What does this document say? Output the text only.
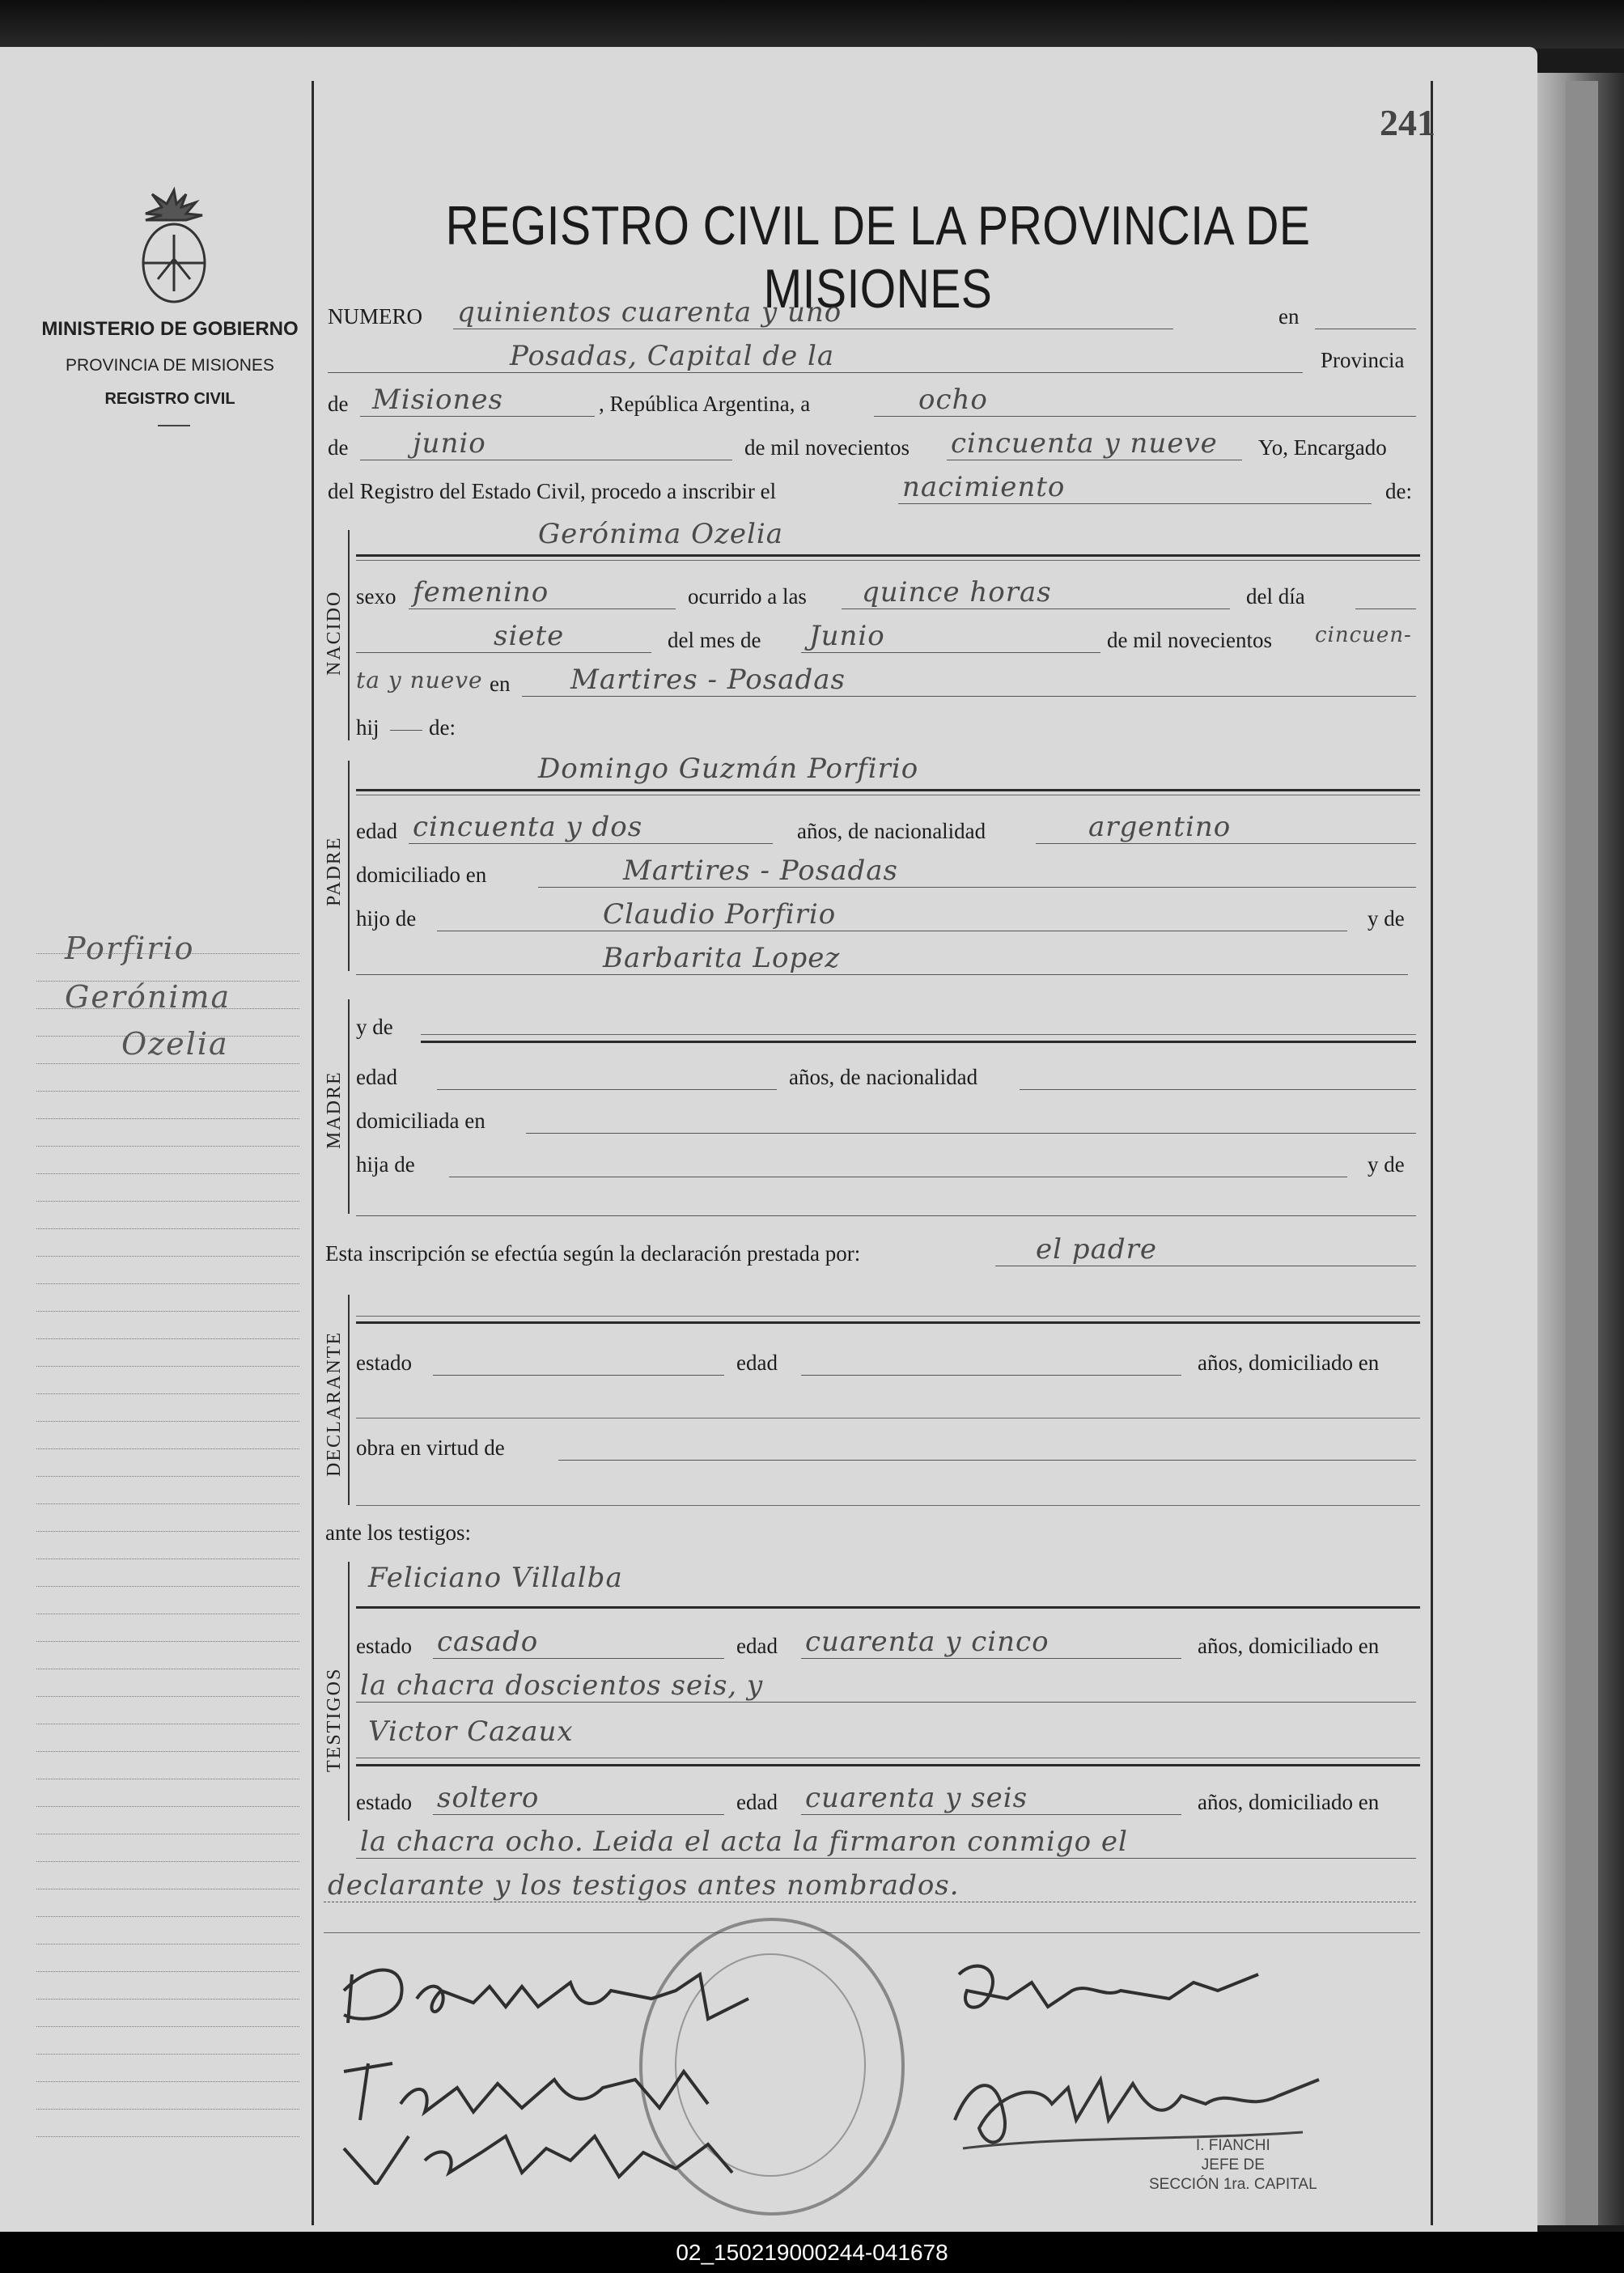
MINISTERIO DE GOBIERNO
PROVINCIA DE MISIONES
REGISTRO CIVIL
Porfirio
Gerónima
Ozelia
241
REGISTRO CIVIL DE LA PROVINCIA DE MISIONES
NUMERO quinientos cuarenta y uno	en
Posadas, Capital de la	Provincia
de Misiones	, República Argentina, a	ocho
de junio	de mil novecientos cincuenta y nueve Yo, Encargado
del Registro del Estado Civil, procedo a inscribir el	nacimiento	de:
NACIDO
Gerónima Ozelia
sexo femenino	ocurrido a las quince horas	del día
siete	del mes de Junio	de mil novecientos cincuen-
ta y nueve en Martires - Posadas
hij de:
PADRE
Domingo Guzmán Porfirio
edad cincuenta y dos	años, de nacionalidad	argentino
domiciliado en	Martires - Posadas
hijo de	Claudio Porfirio	y de
Barbarita Lopez
MADRE
y de
edad	años, de nacionalidad
domiciliada en
hija de	y de
Esta inscripción se efectúa según la declaración prestada por:	el padre
DECLARANTE estado	edad	años, domiciliado en
obra en virtud de
ante los testigos:
TESTIGOS
Feliciano Villalba
estado casado	edad cuarenta y cinco	años, domiciliado en
la chacra doscientos seis, y
Victor Cazaux
estado soltero	edad cuarenta y seis	años, domiciliado en
la chacra ocho. Leida el acta la firmaron conmigo el
declarante y los testigos antes nombrados.
I. FIANCHI
JEFE DE
SECCIÓN 1ra. CAPITAL
02_150219000244-041678
